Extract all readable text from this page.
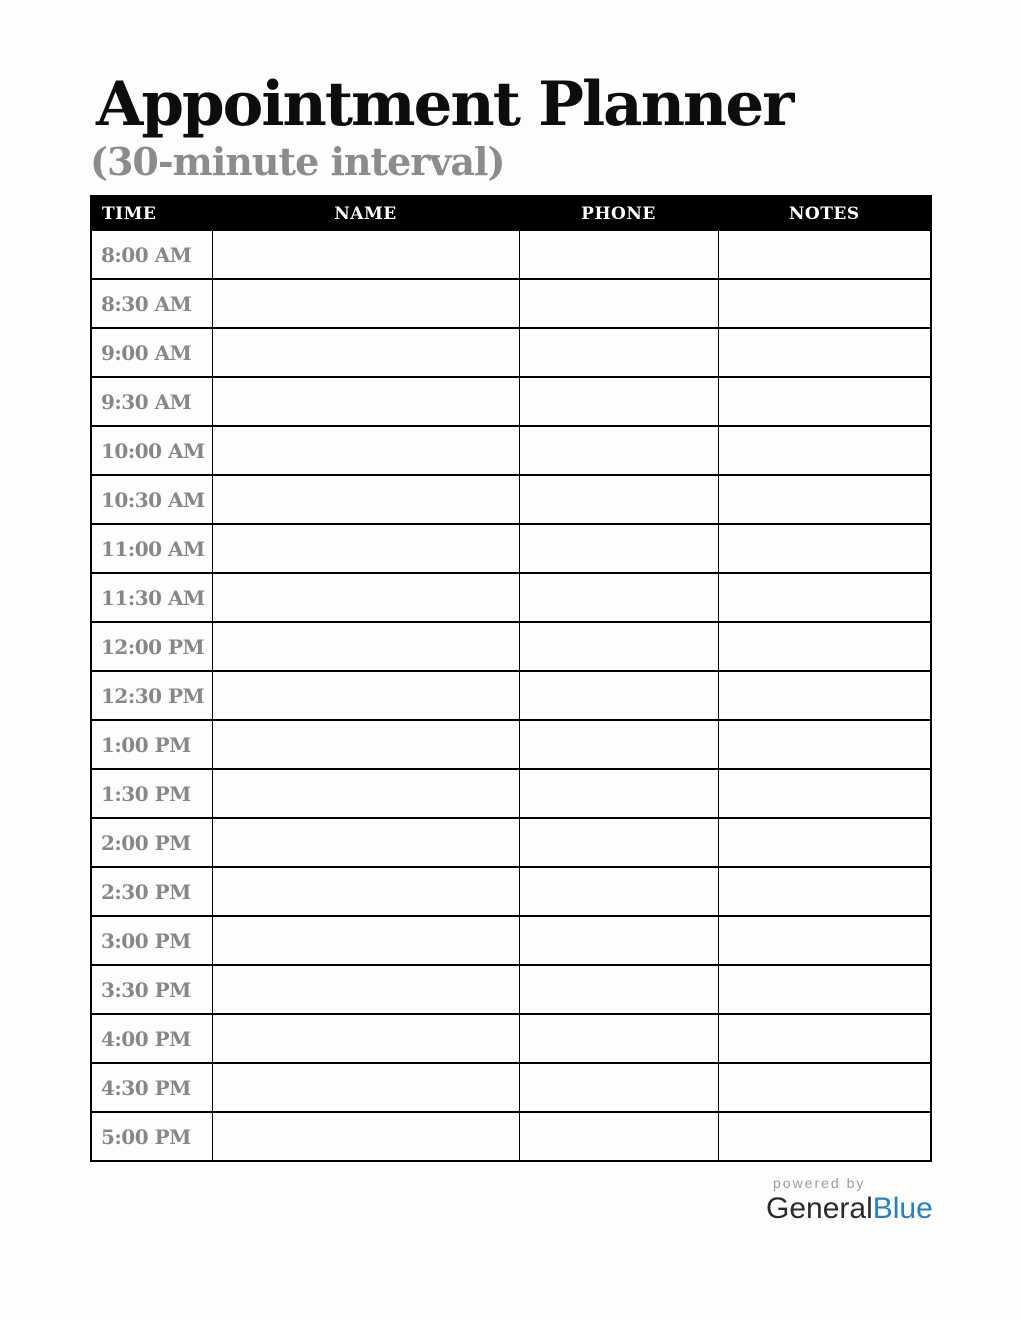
Appointment Planner
(30-minute interval)
TIME	NAME	PHONE	NOTES
8:00 AM			
8:30 AM			
9:00 AM			
9:30 AM			
10:00 AM			
10:30 AM			
11:00 AM			
11:30 AM			
12:00 PM			
12:30 PM			
1:00 PM			
1:30 PM			
2:00 PM			
2:30 PM			
3:00 PM			
3:30 PM			
4:00 PM			
4:30 PM			
5:00 PM			
powered by
GeneralBlue
